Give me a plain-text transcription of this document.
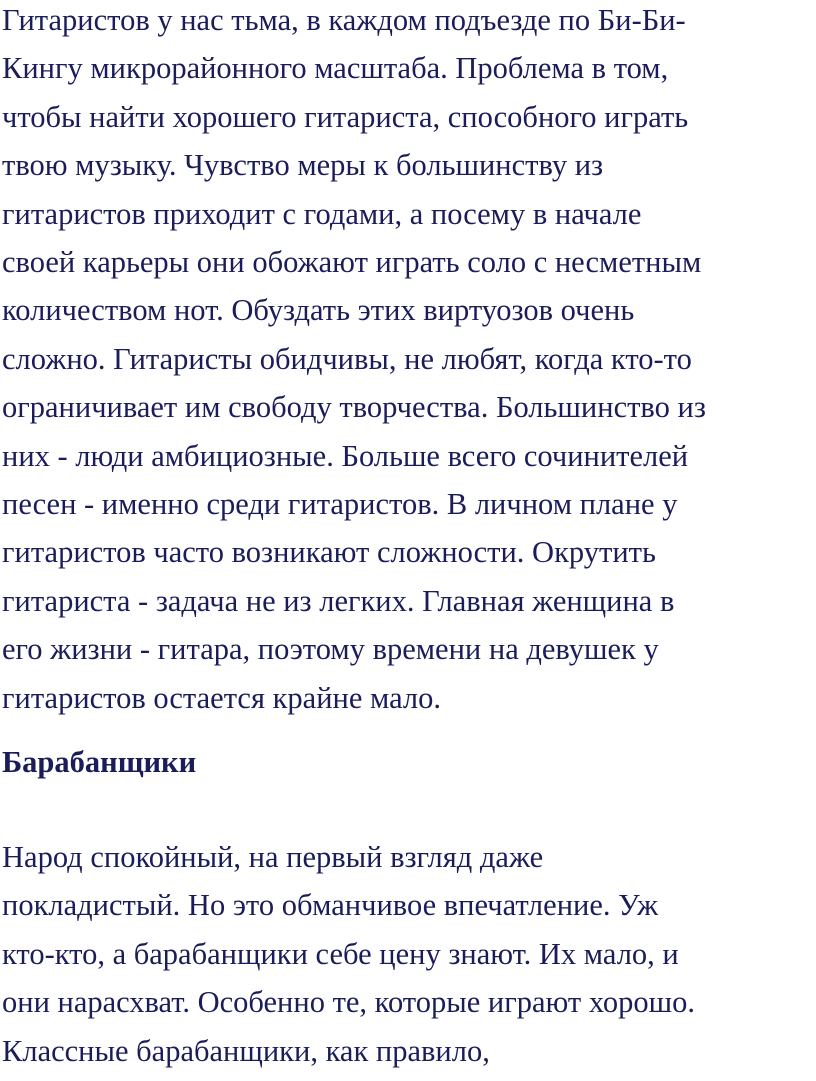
Гитаристов у нас тьма, в каждом подъезде по Би-Би-
Кингу микрорайонного масштаба. Проблема в том,
чтобы найти хорошего гитариста, способного играть
твою музыку. Чувство меры к большинству из
гитаристов приходит с годами, а посему в начале
своей карьеры они обожают играть соло с несметным
количеством нот. Обуздать этих виртуозов очень
сложно. Гитаристы обидчивы, не любят, когда кто-то
ограничивает им свободу творчества. Большинство из
них - люди амбициозные. Больше всего сочинителей
песен - именно среди гитаристов. В личном плане у
гитаристов часто возникают сложности. Окрутить
гитариста - задача не из легких. Главная женщина в
его жизни - гитара, поэтому времени на девушек у
гитаристов остается крайне мало.

Барабанщики

Народ спокойный, на первый взгляд даже
покладистый. Но это обманчивое впечатление. Уж
кто-кто, а барабанщики себе цену знают. Их мало, и
они нарасхват. Особенно те, которые играют хорошо.
Классные барабанщики, как правило,
